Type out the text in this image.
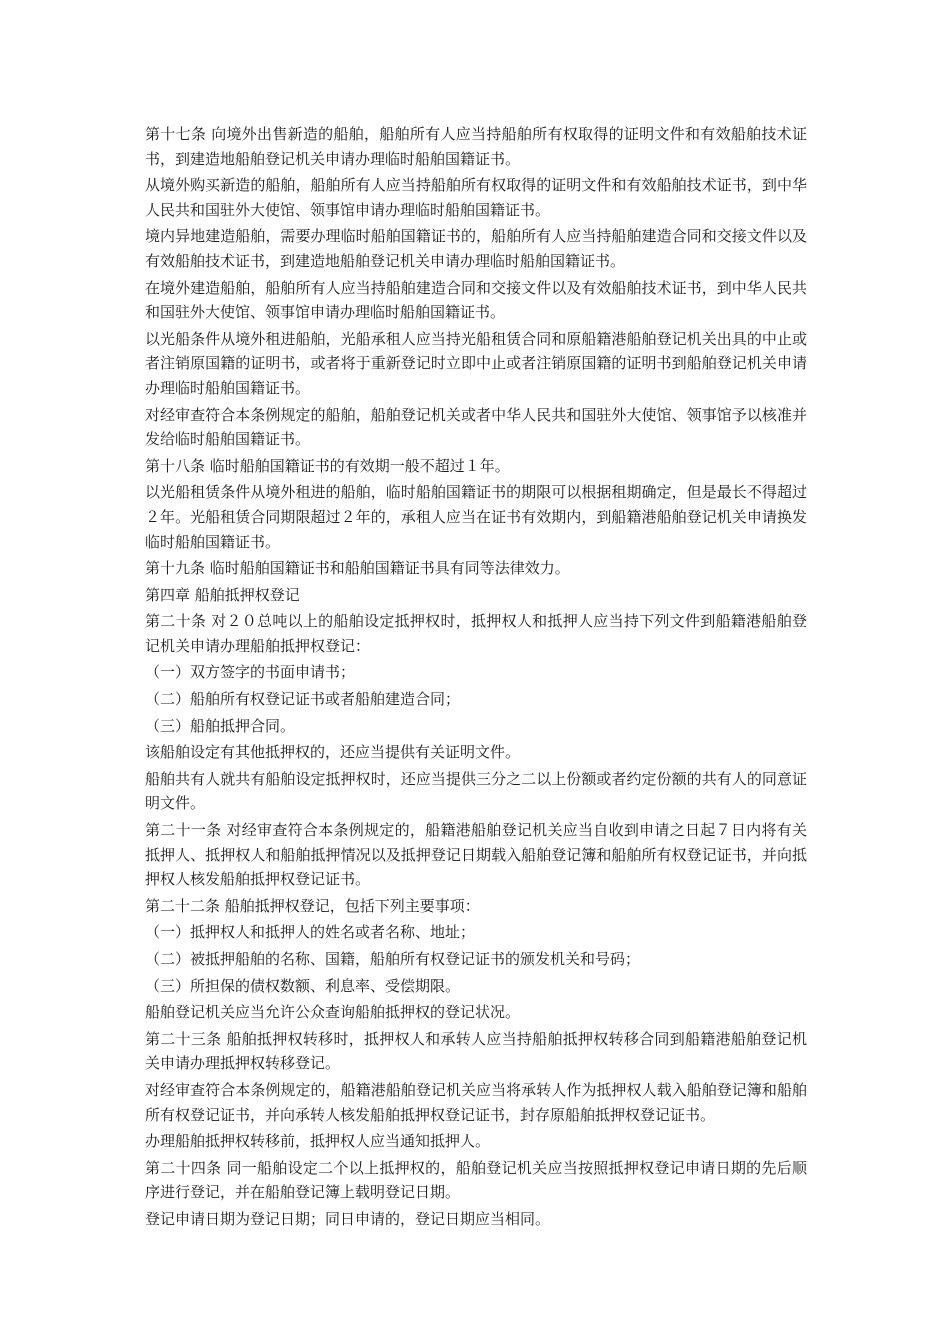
第十七条 向境外出售新造的船舶，船舶所有人应当持船舶所有权取得的证明文件和有效船舶技术证书，到建造地船舶登记机关申请办理临时船舶国籍证书。

从境外购买新造的船舶，船舶所有人应当持船舶所有权取得的证明文件和有效船舶技术证书，到中华人民共和国驻外大使馆、领事馆申请办理临时船舶国籍证书。

境内异地建造船舶，需要办理临时船舶国籍证书的，船舶所有人应当持船舶建造合同和交接文件以及有效船舶技术证书，到建造地船舶登记机关申请办理临时船舶国籍证书。

在境外建造船舶，船舶所有人应当持船舶建造合同和交接文件以及有效船舶技术证书，到中华人民共和国驻外大使馆、领事馆申请办理临时船舶国籍证书。

以光船条件从境外租进船舶，光船承租人应当持光船租赁合同和原船籍港船舶登记机关出具的中止或者注销原国籍的证明书，或者将于重新登记时立即中止或者注销原国籍的证明书到船舶登记机关申请办理临时船舶国籍证书。

对经审查符合本条例规定的船舶，船舶登记机关或者中华人民共和国驻外大使馆、领事馆予以核准并发给临时船舶国籍证书。

第十八条 临时船舶国籍证书的有效期一般不超过１年。

以光船租赁条件从境外租进的船舶，临时船舶国籍证书的期限可以根据租期确定，但是最长不得超过２年。光船租赁合同期限超过２年的，承租人应当在证书有效期内，到船籍港船舶登记机关申请换发临时船舶国籍证书。

第十九条 临时船舶国籍证书和船舶国籍证书具有同等法律效力。

第四章 船舶抵押权登记

第二十条 对２０总吨以上的船舶设定抵押权时，抵押权人和抵押人应当持下列文件到船籍港船舶登记机关申请办理船舶抵押权登记：

（一）双方签字的书面申请书；

（二）船舶所有权登记证书或者船舶建造合同；

（三）船舶抵押合同。

该船舶设定有其他抵押权的，还应当提供有关证明文件。

船舶共有人就共有船舶设定抵押权时，还应当提供三分之二以上份额或者约定份额的共有人的同意证明文件。

第二十一条 对经审查符合本条例规定的，船籍港船舶登记机关应当自收到申请之日起７日内将有关抵押人、抵押权人和船舶抵押情况以及抵押登记日期载入船舶登记簿和船舶所有权登记证书，并向抵押权人核发船舶抵押权登记证书。

第二十二条 船舶抵押权登记，包括下列主要事项：

（一）抵押权人和抵押人的姓名或者名称、地址；

（二）被抵押船舶的名称、国籍，船舶所有权登记证书的颁发机关和号码；

（三）所担保的债权数额、利息率、受偿期限。

船舶登记机关应当允许公众查询船舶抵押权的登记状况。

第二十三条 船舶抵押权转移时，抵押权人和承转人应当持船舶抵押权转移合同到船籍港船舶登记机关申请办理抵押权转移登记。

对经审查符合本条例规定的，船籍港船舶登记机关应当将承转人作为抵押权人载入船舶登记簿和船舶所有权登记证书，并向承转人核发船舶抵押权登记证书，封存原船舶抵押权登记证书。

办理船舶抵押权转移前，抵押权人应当通知抵押人。

第二十四条 同一船舶设定二个以上抵押权的，船舶登记机关应当按照抵押权登记申请日期的先后顺序进行登记，并在船舶登记簿上载明登记日期。

登记申请日期为登记日期；同日申请的，登记日期应当相同。
